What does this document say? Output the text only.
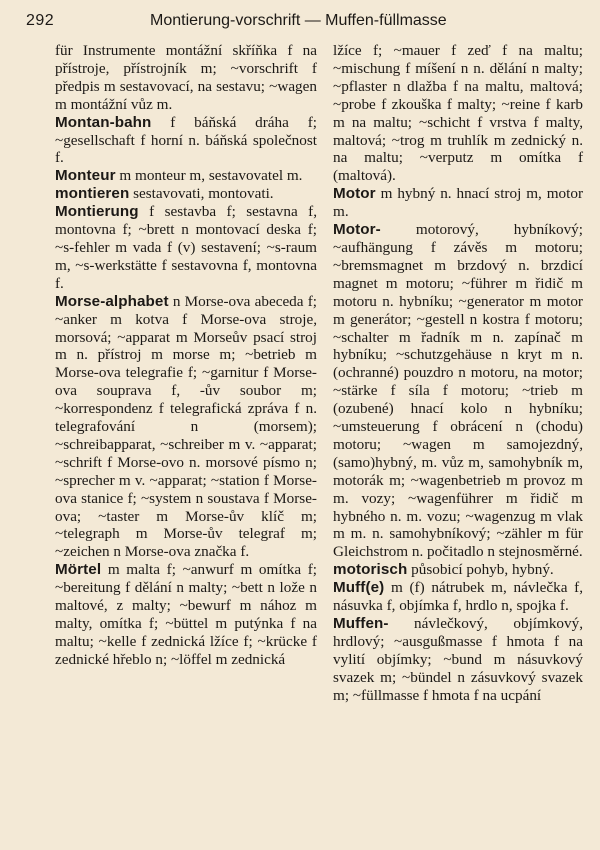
292	Montierung-vorschrift — Muffen-füllmasse

für Instrumente montážní skříňka f na přístroje, přístrojník m; ~vorschrift f předpis m sestavovací, na sestavu; ~wagen m montážní vůz m.

Montan-bahn f báňská dráha f; ~gesellschaft f horní n. báňská společnost f.

Monteur m monteur m, sestavovatel m.

montieren sestavovati, montovati.

Montierung f sestavba f; sestavna f, montovna f; ~brett n montovací deska f; ~s-fehler m vada f (v) sestavení; ~s-raum m, ~s-werkstätte f sestavovna f, montovna f.

Morse-alphabet n Morse-ova abeceda f; ~anker m kotva f Morse-ova stroje, morsová; ~apparat m Morseův psací stroj m n. přístroj m morse m; ~betrieb m Morse-ova telegrafie f; ~garnitur f Morse-ova souprava f, -ův soubor m; ~korrespondenz f telegrafická zpráva f n. telegrafování n (morsem); ~schreibapparat, ~schreiber m v. ~apparat; ~schrift f Morse-ovo n. morsové písmo n; ~sprecher m v. ~apparat; ~station f Morse-ova stanice f; ~system n soustava f Morse-ova; ~taster m Morse-ův klíč m; ~telegraph m Morse-ův telegraf m; ~zeichen n Morse-ova značka f.

Mörtel m malta f; ~anwurf m omítka f; ~bereitung f dělání n malty; ~bett n lože n maltové, z malty; ~bewurf m nához m malty, omítka f; ~büttel m putýnka f na maltu; ~kelle f zednická lžíce f; ~krücke f zednické hřeblo n; ~löffel m zednická

lžíce f; ~mauer f zeď f na maltu; ~mischung f míšení n n. dělání n malty; ~pflaster n dlažba f na maltu, maltová; ~probe f zkouška f malty; ~reine f karb m na maltu; ~schicht f vrstva f malty, maltová; ~trog m truhlík m zednický n. na maltu; ~verputz m omítka f (maltová).

Motor m hybný n. hnací stroj m, motor m.

Motor- motorový, hybníkový; ~aufhängung f závěs m motoru; ~bremsmagnet m brzdový n. brzdicí magnet m motoru; ~führer m řidič m motoru n. hybníku; ~generator m motor m generátor; ~gestell n kostra f motoru; ~schalter m řadník m n. zapínač m hybníku; ~schutzgehäuse n kryt m n. (ochranné) pouzdro n motoru, na motor; ~stärke f síla f motoru; ~trieb m (ozubené) hnací kolo n hybníku; ~umsteuerung f obrácení n (chodu) motoru; ~wagen m samojezdný, (samo)hybný, m. vůz m, samohybník m, motorák m; ~wagenbetrieb m provoz m m. vozy; ~wagenführer m řidič m hybného n. m. vozu; ~wagenzug m vlak m m. n. samohybníkový; ~zähler m für Gleichstrom n. počitadlo n stejnosměrné.

motorisch působicí pohyb, hybný.

Muff(e) m (f) nátrubek m, návlečka f, násuvka f, objímka f, hrdlo n, spojka f.

Muffen- návlečkový, objímkový, hrdlový; ~ausgußmasse f hmota f na vylití objímky; ~bund m násuvkový svazek m; ~bündel n zásuvkový svazek m; ~füllmasse f hmota f na ucpání
